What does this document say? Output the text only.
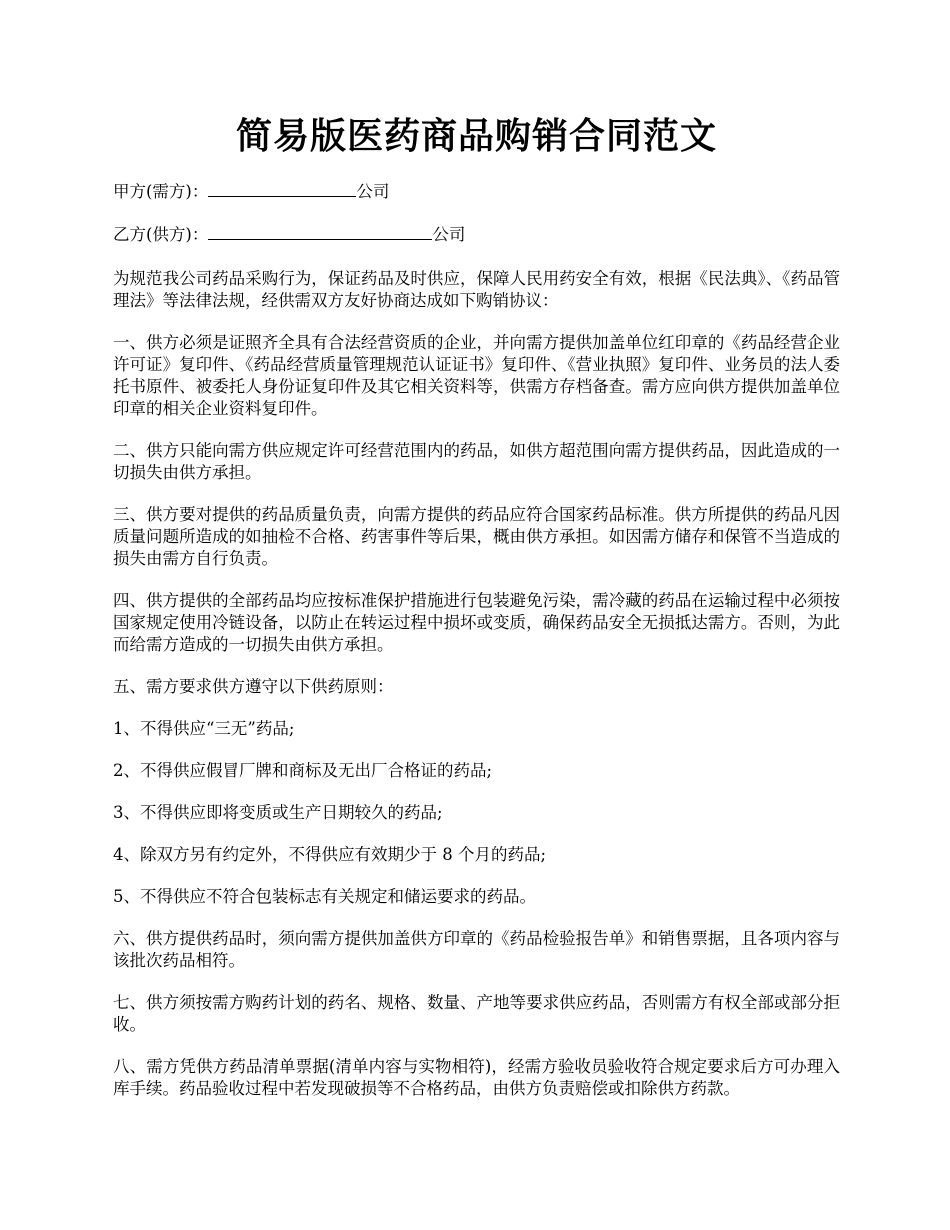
简易版医药商品购销合同范文

甲方(需方)：	公司

乙方(供方)：	公司

为规范我公司药品采购行为，保证药品及时供应，保障人民用药安全有效，根据《民法典》、《药品管理法》等法律法规，经供需双方友好协商达成如下购销协议：

一、供方必须是证照齐全具有合法经营资质的企业，并向需方提供加盖单位红印章的《药品经营企业许可证》复印件、《药品经营质量管理规范认证证书》复印件、《营业执照》复印件、业务员的法人委托书原件、被委托人身份证复印件及其它相关资料等，供需方存档备查。需方应向供方提供加盖单位印章的相关企业资料复印件。

二、供方只能向需方供应规定许可经营范围内的药品，如供方超范围向需方提供药品，因此造成的一切损失由供方承担。

三、供方要对提供的药品质量负责，向需方提供的药品应符合国家药品标准。供方所提供的药品凡因质量问题所造成的如抽检不合格、药害事件等后果，概由供方承担。如因需方储存和保管不当造成的损失由需方自行负责。

四、供方提供的全部药品均应按标准保护措施进行包装避免污染，需冷藏的药品在运输过程中必须按国家规定使用冷链设备，以防止在转运过程中损坏或变质，确保药品安全无损抵达需方。否则，为此而给需方造成的一切损失由供方承担。

五、需方要求供方遵守以下供药原则：

1、不得供应“三无”药品;

2、不得供应假冒厂牌和商标及无出厂合格证的药品;

3、不得供应即将变质或生产日期较久的药品;

4、除双方另有约定外，不得供应有效期少于 8 个月的药品;

5、不得供应不符合包装标志有关规定和储运要求的药品。

六、供方提供药品时，须向需方提供加盖供方印章的《药品检验报告单》和销售票据，且各项内容与该批次药品相符。

七、供方须按需方购药计划的药名、规格、数量、产地等要求供应药品，否则需方有权全部或部分拒收。

八、需方凭供方药品清单票据(清单内容与实物相符)，经需方验收员验收符合规定要求后方可办理入库手续。药品验收过程中若发现破损等不合格药品，由供方负责赔偿或扣除供方药款。
